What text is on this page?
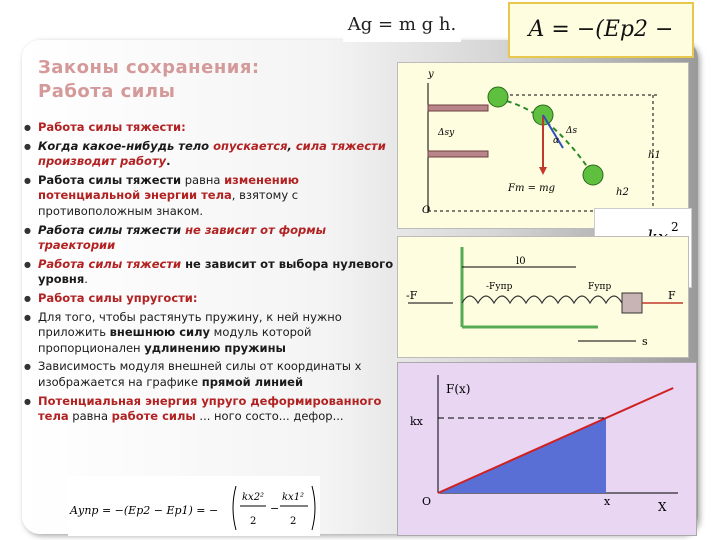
Ag = m g h.	A = −(Ep2 −
Законы сохранения:
Работа силы
● Работа силы тяжести:
● Когда какое-нибудь тело опускается, сила тяжести производит работу.
● Работа силы тяжести равна изменению потенциальной энергии тела, взятому с противоположным знаком.
● Работа силы тяжести не зависит от формы траектории
● Работа силы тяжести не зависит от выбора нулевого уровня.
● Работа силы упругости:
● Для того, чтобы растянуть пружину, к ней нужно приложить внешнюю силу модуль которой пропорционален удлинению пружины
● Зависимость модуля внешней силы от координаты x изображается на графике прямой линией
● Потенциальная энергия упруго деформированного тела равна работе силы ... ного состо... дефор...
y
O
h1
h2
Δs
Δsy
α
Fт = mg
2
l0
-F
-Fупр	Fупр
F
s
F(x)
X
O
kx
x
Aупр = −(Ep2 − Ep1) = −
kx2²
2
−
kx1²
2
